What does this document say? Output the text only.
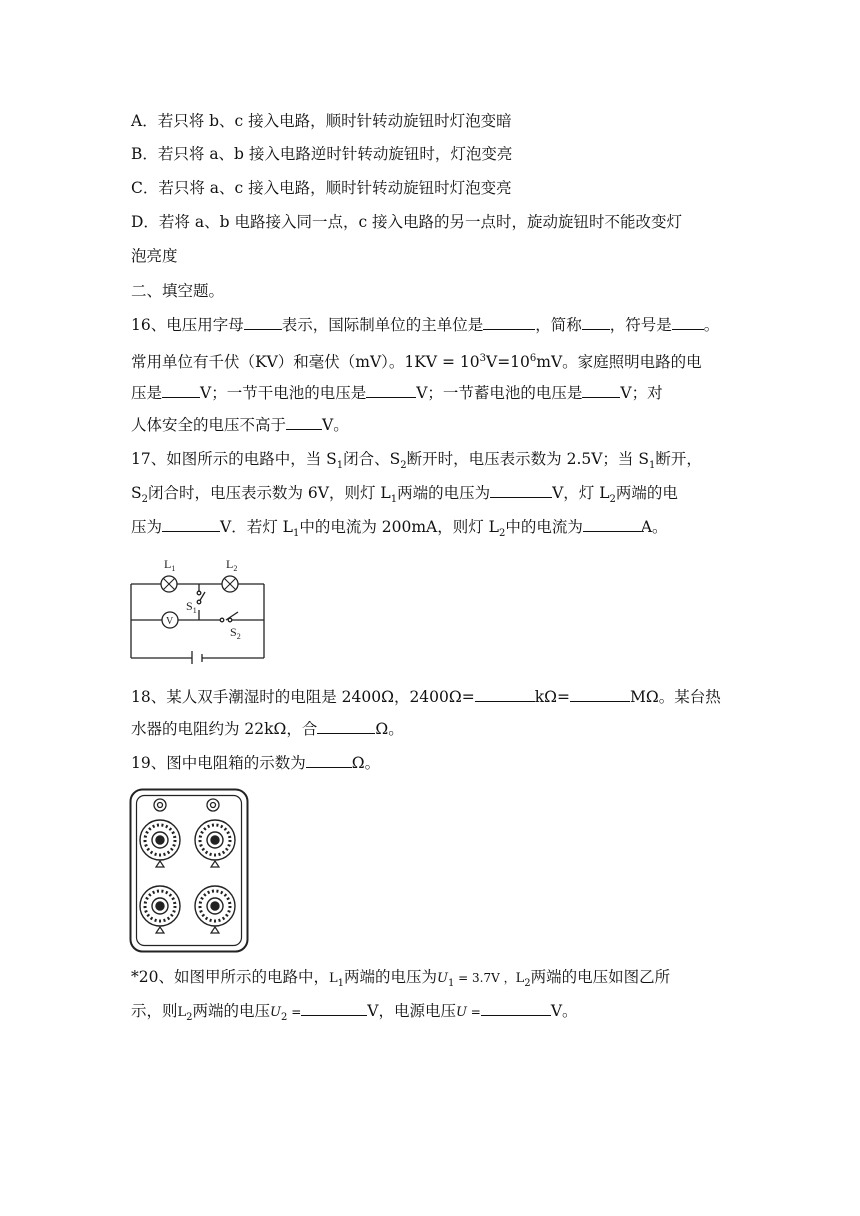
A．若只将 b、c 接入电路，顺时针转动旋钮时灯泡变暗
B．若只将 a、b 接入电路逆时针转动旋钮时，灯泡变亮
C．若只将 a、c 接入电路，顺时针转动旋钮时灯泡变亮
D．若将 a、b 电路接入同一点，c 接入电路的另一点时，旋动旋钮时不能改变灯
泡亮度
二、填空题。
16、电压用字母 表示，国际制单位的主单位是	，简称 ，符号是 。
常用单位有千伏（KV）和毫伏（mV）。$1KV = 10^3V=10^6mV$。家庭照明电路的电
压是 V；一节干电池的电压是	V；一节蓄电池的电压是 V；对
人体安全的电压不高于 V。
17、如图所示的电路中，当 $S_1$闭合、$S_2$断开时，电压表示数为 2.5V；当 $S_1$断开，
$S_2$闭合时，电压表示数为 6V，则灯 $L_1$两端的电压为	V，灯 $L_2$两端的电
压为	V．若灯 $L_1$中的电流为 200mA，则灯 $L_2$中的电流为	A。
$L_1$	$L_2$
$S_1$
$S_2$
V
18、某人双手潮湿时的电阻是 2400Ω，2400Ω=	kΩ=	MΩ。某台热
水器的电阻约为 22kΩ，合	Ω。
19、图中电阻箱的示数为	Ω。
*20、如图甲所示的电路中，$L_1$两端的电压为$U_1 = 3.7V$ ，$L_2$两端的电压如图乙所
示，则$L_2$两端的电压$U_2$ =	V，电源电压U =	V。
